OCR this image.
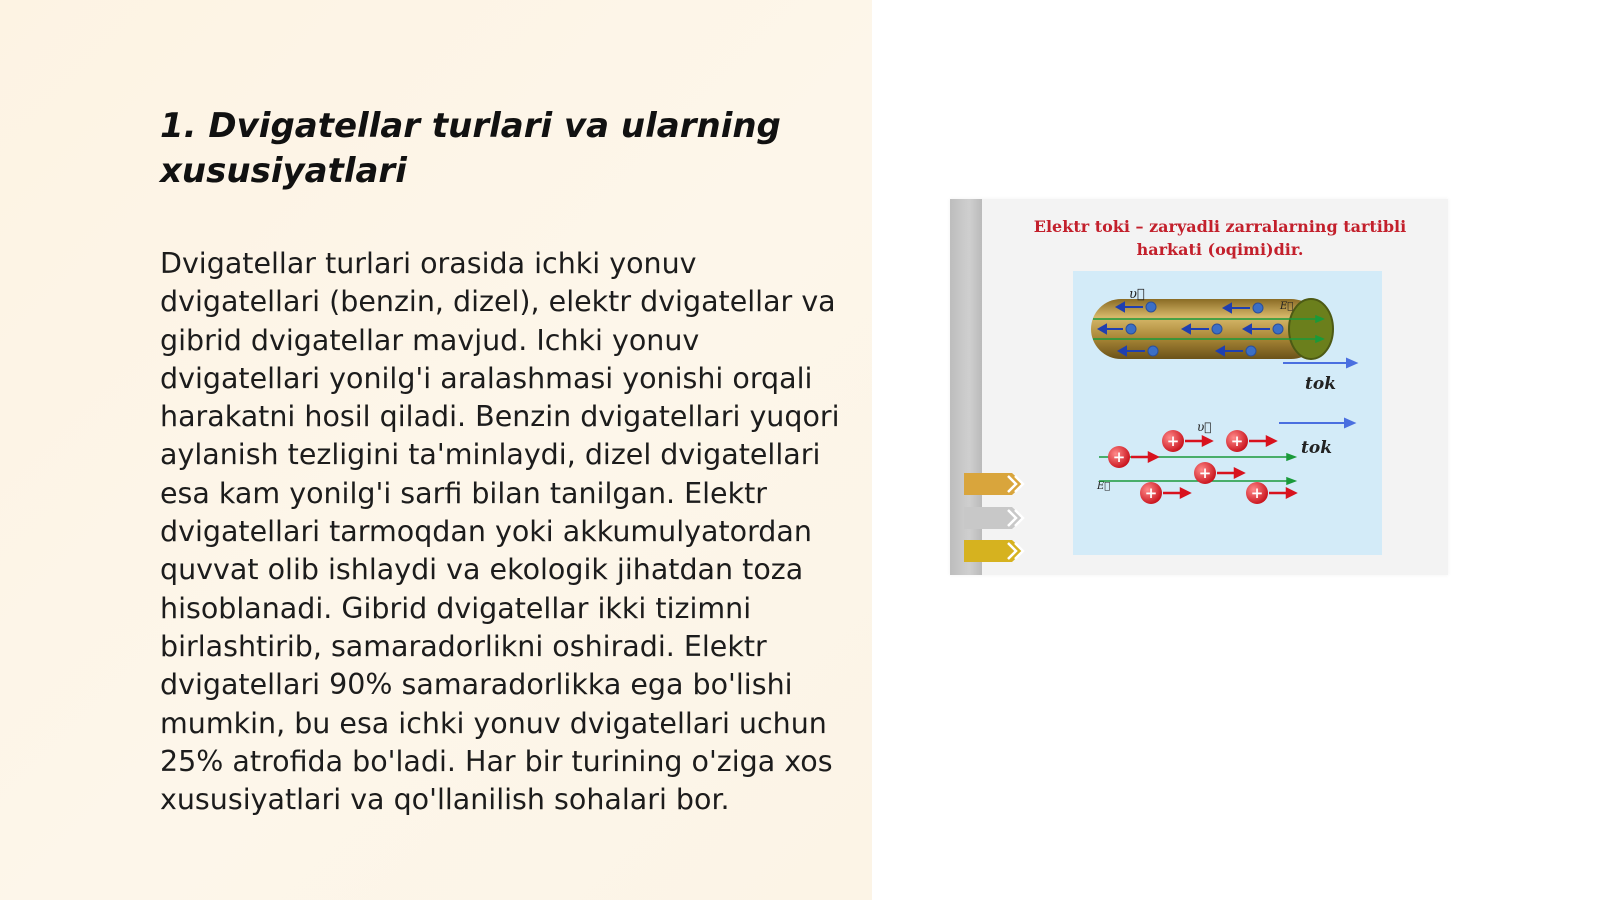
1. Dvigatellar turlari va ularning xususiyatlari

Dvigatellar turlari orasida ichki yonuv dvigatellari (benzin, dizel), elektr dvigatellar va gibrid dvigatellar mavjud. Ichki yonuv dvigatellari yonilg'i aralashmasi yonishi orqali harakatni hosil qiladi. Benzin dvigatellari yuqori aylanish tezligini ta'minlaydi, dizel dvigatellari esa kam yonilg'i sarfi bilan tanilgan. Elektr dvigatellari tarmoqdan yoki akkumulyatordan quvvat olib ishlaydi va ekologik jihatdan toza hisoblanadi. Gibrid dvigatellar ikki tizimni birlashtirib, samaradorlikni oshiradi. Elektr dvigatellari 90% samaradorlikka ega bo'lishi mumkin, bu esa ichki yonuv dvigatellari uchun 25% atrofida bo'ladi. Har bir turining o'ziga xos xususiyatlari va qo'llanilish sohalari bor.

Elektr toki – zaryadli zarralarning tartibli harkati (oqimi)dir.

υ⃗
E⃗
tok
tok
υ⃗
E⃗
+
+	+
+
+	+
